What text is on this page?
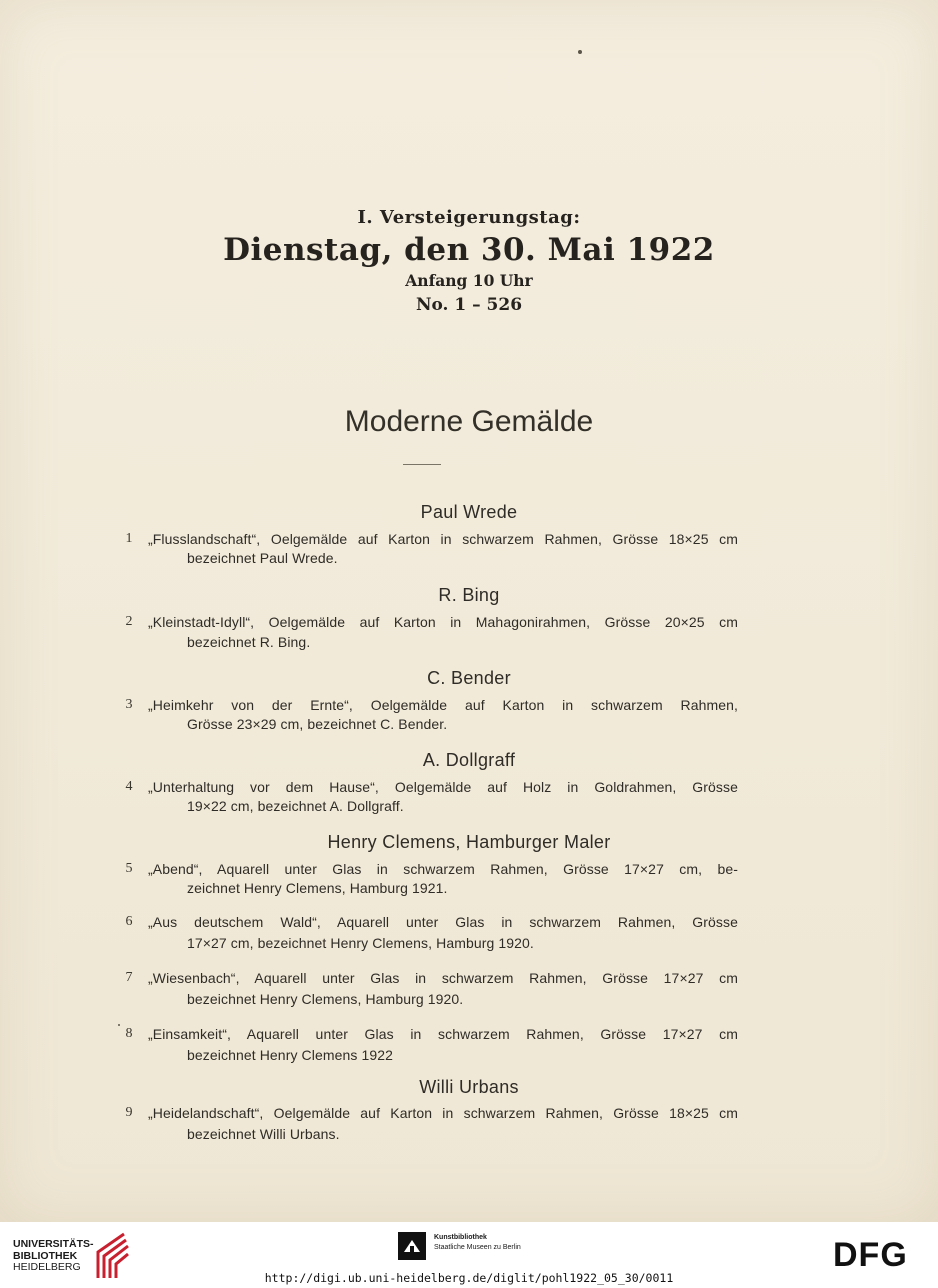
I. Versteigerungstag:
Dienstag, den 30. Mai 1922
Anfang 10 Uhr
No. 1 – 526
Moderne Gemälde
Paul Wrede
1 „Flusslandschaft“, Oelgemälde auf Karton in schwarzem Rahmen, Grösse 18×25 cm
bezeichnet Paul Wrede.
R. Bing
2 „Kleinstadt-Idyll“, Oelgemälde auf Karton in Mahagonirahmen, Grösse 20×25 cm
bezeichnet R. Bing.
C. Bender
3 „Heimkehr von der Ernte“, Oelgemälde auf Karton in schwarzem Rahmen,
Grösse 23×29 cm, bezeichnet C. Bender.
A. Dollgraff
4 „Unterhaltung vor dem Hause“, Oelgemälde auf Holz in Goldrahmen, Grösse
19×22 cm, bezeichnet A. Dollgraff.
Henry Clemens, Hamburger Maler
5 „Abend“, Aquarell unter Glas in schwarzem Rahmen, Grösse 17×27 cm, be-
zeichnet Henry Clemens, Hamburg 1921.
6 „Aus deutschem Wald“, Aquarell unter Glas in schwarzem Rahmen, Grösse
17×27 cm, bezeichnet Henry Clemens, Hamburg 1920.
7 „Wiesenbach“, Aquarell unter Glas in schwarzem Rahmen, Grösse 17×27 cm
bezeichnet Henry Clemens, Hamburg 1920.
8 „Einsamkeit“, Aquarell unter Glas in schwarzem Rahmen, Grösse 17×27 cm
bezeichnet Henry Clemens 1922
Willi Urbans
9 „Heidelandschaft“, Oelgemälde auf Karton in schwarzem Rahmen, Grösse 18×25 cm
bezeichnet Willi Urbans.
UNIVERSITÄTS-
BIBLIOTHEK
HEIDELBERG
Kunstbibliothek
Staatliche Museen zu Berlin	DFG
http://digi.ub.uni-heidelberg.de/diglit/pohl1922_05_30/0011
